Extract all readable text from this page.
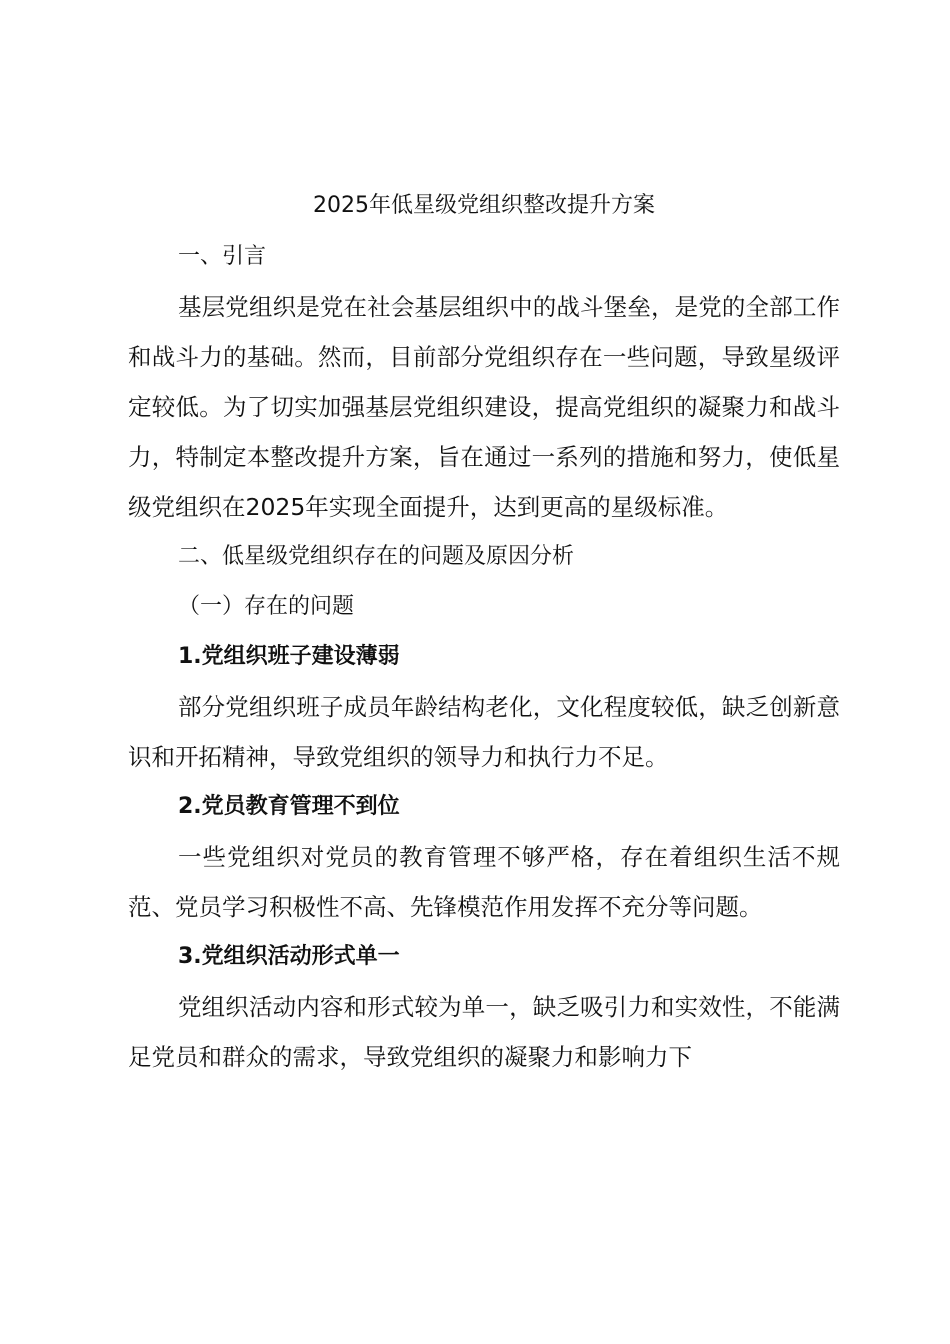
2025年低星级党组织整改提升方案
一、引言

基层党组织是党在社会基层组织中的战斗堡垒，是党的全部工作和战斗力的基础。然而，目前部分党组织存在一些问题，导致星级评定较低。为了切实加强基层党组织建设，提高党组织的凝聚力和战斗力，特制定本整改提升方案，旨在通过一系列的措施和努力，使低星级党组织在2025年实现全面提升，达到更高的星级标准。

二、低星级党组织存在的问题及原因分析
（一）存在的问题
1.党组织班子建设薄弱

部分党组织班子成员年龄结构老化，文化程度较低，缺乏创新意识和开拓精神，导致党组织的领导力和执行力不足。

2.党员教育管理不到位

一些党组织对党员的教育管理不够严格，存在着组织生活不规范、党员学习积极性不高、先锋模范作用发挥不充分等问题。

3.党组织活动形式单一

党组织活动内容和形式较为单一，缺乏吸引力和实效性，不能满足党员和群众的需求，导致党组织的凝聚力和影响力下
